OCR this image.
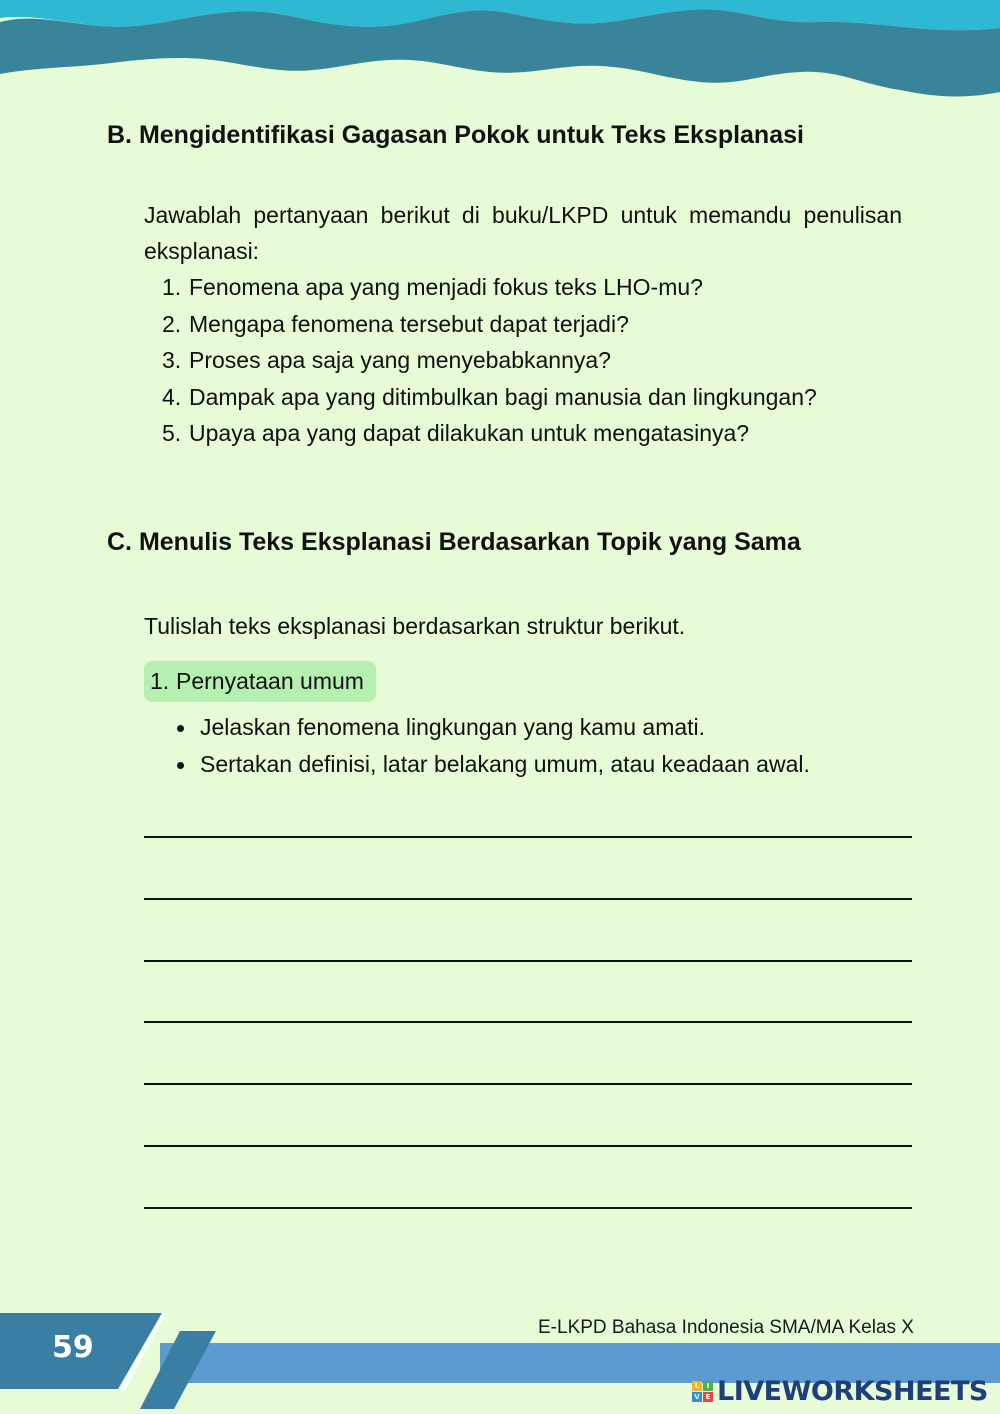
B. Mengidentifikasi Gagasan Pokok untuk Teks Eksplanasi

Jawablah pertanyaan berikut di buku/LKPD untuk memandu penulisan eksplanasi:

1. Fenomena apa yang menjadi fokus teks LHO-mu?
2. Mengapa fenomena tersebut dapat terjadi?
3. Proses apa saja yang menyebabkannya?
4. Dampak apa yang ditimbulkan bagi manusia dan lingkungan?
5. Upaya apa yang dapat dilakukan untuk mengatasinya?
C. Menulis Teks Eksplanasi Berdasarkan Topik yang Sama

Tulislah teks eksplanasi berdasarkan struktur berikut.

1. Pernyataan umum
Jelaskan fenomena lingkungan yang kamu amati.
Sertakan definisi, latar belakang umum, atau keadaan awal.
59
E-LKPD Bahasa Indonesia SMA/MA Kelas X
L	I
V E LIVEWORKSHEETS
